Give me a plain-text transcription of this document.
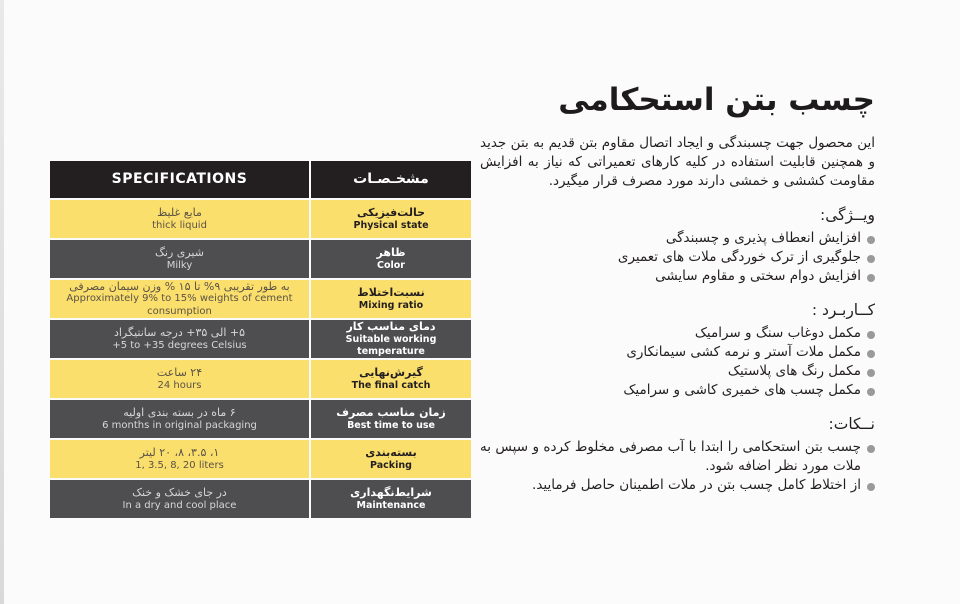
SPECIFICATIONS	مشخـصـات
مایع غلیظ
thick liquid
حالت‌فیزیکی
Physical state
شیری رنگ
Milky
ظاهر
Color
به طور تقریبی ۹% تا ۱۵ % وزن سیمان مصرفی
Approximately 9% to 15% weights of cement consumption
نسبت‌اختلاط
Mixing ratio
۵+ الی ۳۵+ درجه سانتیگراد
+5 to +35 degrees Celsius
دمای مناسب کار
Suitable working temperature
۲۴ ساعت
24 hours
گیرش‌نهایی
The final catch
۶ ماه در بسته بندی اولیه
6 months in original packaging
زمان مناسب مصرف
Best time to use
۱، ۳.۵، ۸، ۲۰ لیتر
1, 3.5, 8, 20 liters
بسته‌بندی
Packing
در جای خشک و خنک
In a dry and cool place
شرایط‌نگهداری
Maintenance
چسب بتن استحکامی

این محصول جهت چسبندگی و ایجاد اتصال مقاوم بتن قدیم به بتن جدید و همچنین قابلیت استفاده در کلیه کارهای تعمیراتی که نیاز به افزایش مقاومت کششی و خمشی دارند مورد مصرف قرار میگیرد.

ویــژگی:
افزایش انعطاف پذیری و چسبندگی
جلوگیری از ترک خوردگی ملات های تعمیری
افزایش دوام سختی و مقاوم سایشی
کــاربـرد :
مکمل دوغاب سنگ و سرامیک
مکمل ملات آستر و نرمه کشی سیمانکاری
مکمل رنگ های پلاستیک
مکمل چسب های خمیری کاشی و سرامیک
نــکات:
چسب بتن استحکامی را ابتدا با آب مصرفی مخلوط کرده و سپس به ملات مورد نظر اضافه شود.
از اختلاط کامل چسب بتن در ملات اطمینان حاصل فرمایید.
